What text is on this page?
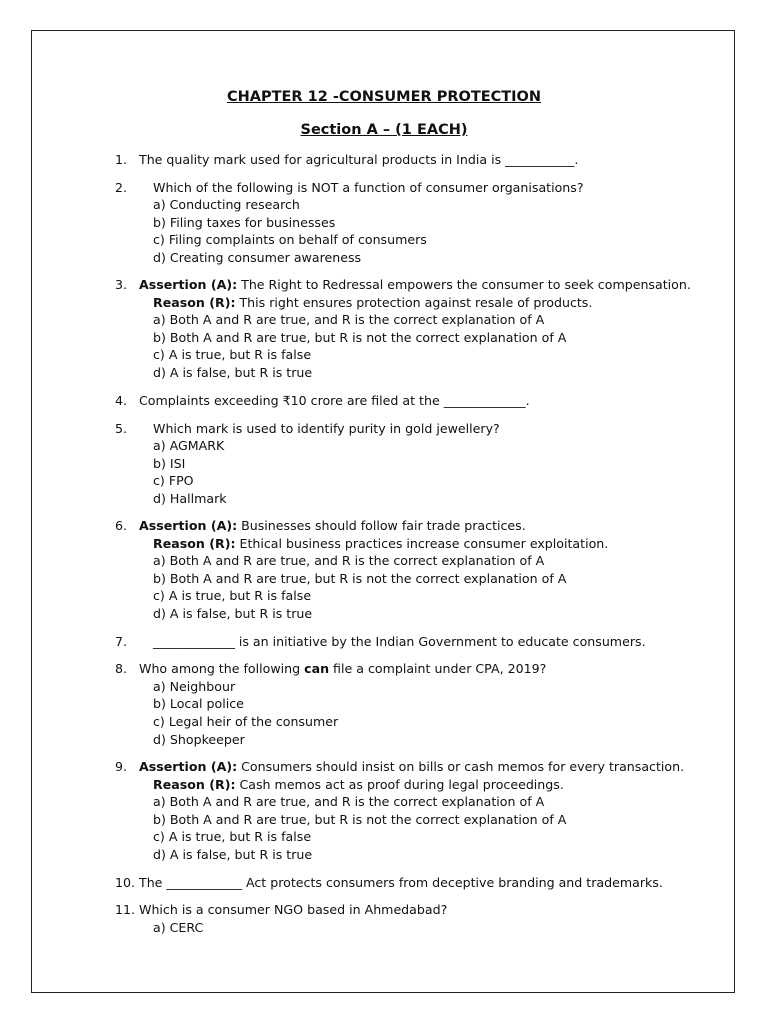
CHAPTER 12 -CONSUMER PROTECTION
Section A – (1 EACH)
1. The quality mark used for agricultural products in India is ___________.
2. Which of the following is NOT a function of consumer organisations?
a) Conducting research
b) Filing taxes for businesses
c) Filing complaints on behalf of consumers
d) Creating consumer awareness
3. Assertion (A): The Right to Redressal empowers the consumer to seek compensation.
Reason (R): This right ensures protection against resale of products.
a) Both A and R are true, and R is the correct explanation of A
b) Both A and R are true, but R is not the correct explanation of A
c) A is true, but R is false
d) A is false, but R is true
4. Complaints exceeding ₹10 crore are filed at the _____________.
5. Which mark is used to identify purity in gold jewellery?
a) AGMARK
b) ISI
c) FPO
d) Hallmark
6. Assertion (A): Businesses should follow fair trade practices.
Reason (R): Ethical business practices increase consumer exploitation.
a) Both A and R are true, and R is the correct explanation of A
b) Both A and R are true, but R is not the correct explanation of A
c) A is true, but R is false
d) A is false, but R is true
7. _____________ is an initiative by the Indian Government to educate consumers.
8. Who among the following can file a complaint under CPA, 2019?
a) Neighbour
b) Local police
c) Legal heir of the consumer
d) Shopkeeper
9. Assertion (A): Consumers should insist on bills or cash memos for every transaction.
Reason (R): Cash memos act as proof during legal proceedings.
a) Both A and R are true, and R is the correct explanation of A
b) Both A and R are true, but R is not the correct explanation of A
c) A is true, but R is false
d) A is false, but R is true
10. The ____________ Act protects consumers from deceptive branding and trademarks.
11. Which is a consumer NGO based in Ahmedabad?
a) CERC
